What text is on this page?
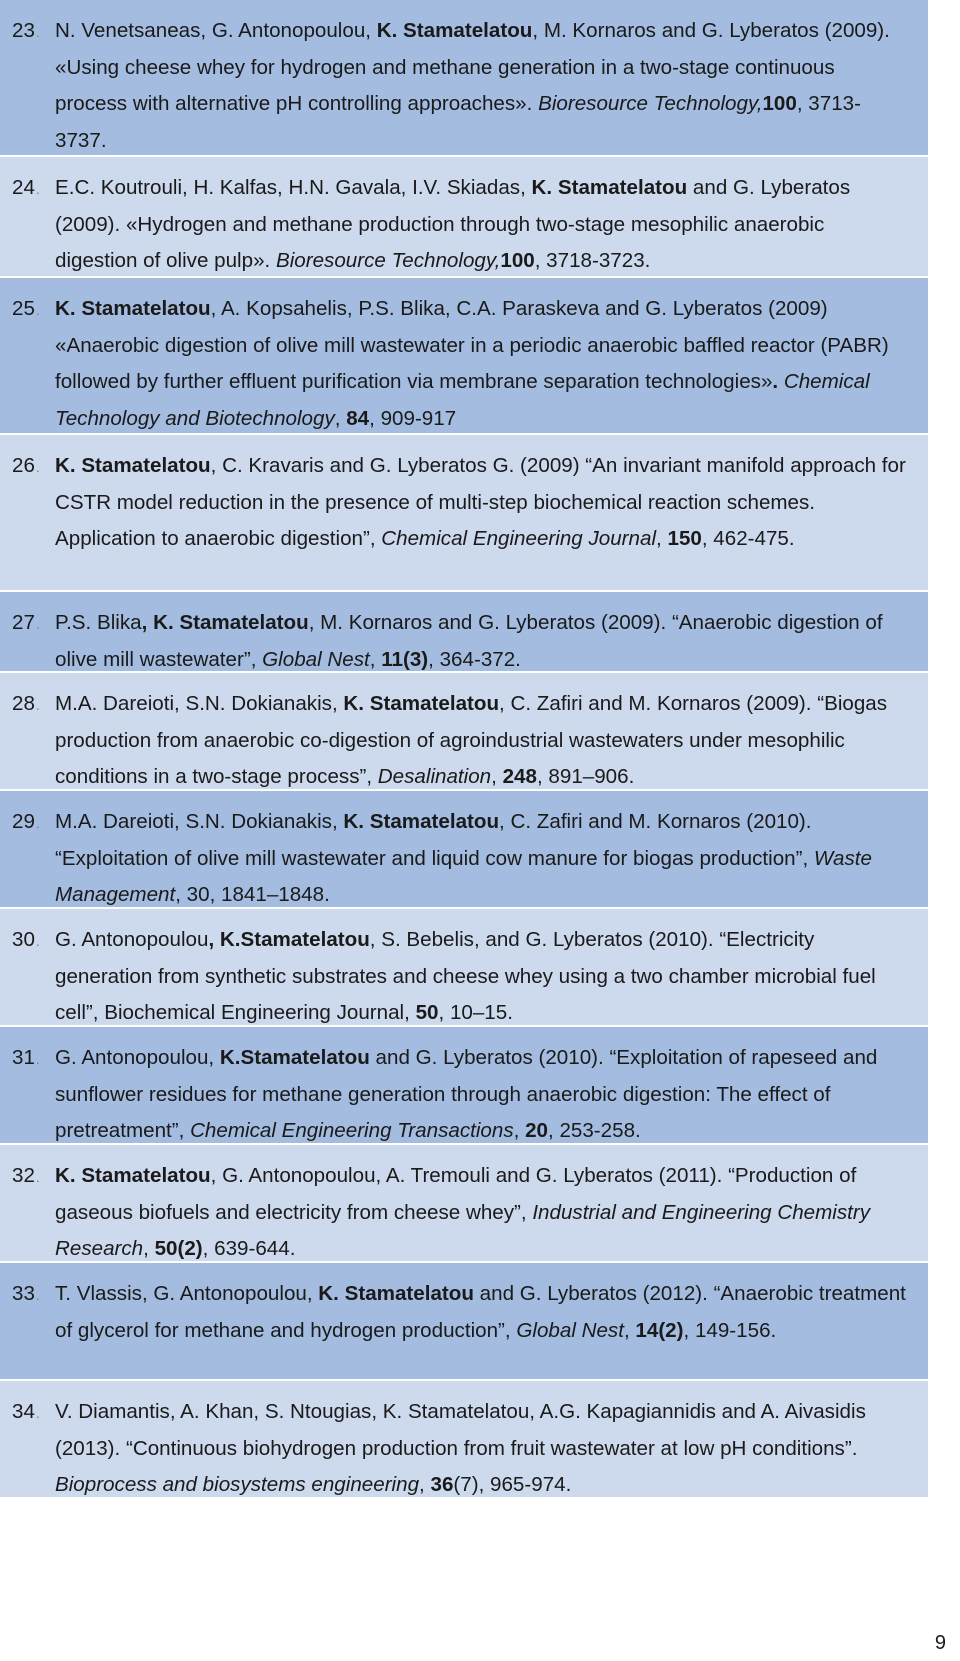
23. N. Venetsaneas, G. Antonopoulou, K. Stamatelatou, M. Kornaros and G. Lyberatos (2009). «Using cheese whey for hydrogen and methane generation in a two-stage continuous process with alternative pH controlling approaches». Bioresource Technology,100, 3713-3737.
24. E.C. Koutrouli, H. Kalfas, H.N. Gavala, I.V. Skiadas, K. Stamatelatou and G. Lyberatos (2009). «Hydrogen and methane production through two-stage mesophilic anaerobic digestion of olive pulp». Bioresource Technology,100, 3718-3723.
25. K. Stamatelatou, A. Kopsahelis, P.S. Blika, C.A. Paraskeva and G. Lyberatos (2009) «Anaerobic digestion of olive mill wastewater in a periodic anaerobic baffled reactor (PABR) followed by further effluent purification via membrane separation technologies». Chemical Technology and Biotechnology, 84, 909-917
26. K. Stamatelatou, C. Kravaris and G. Lyberatos G. (2009) “An invariant manifold approach for CSTR model reduction in the presence of multi-step biochemical reaction schemes. Application to anaerobic digestion”, Chemical Engineering Journal, 150, 462-475.
27. P.S. Blika, K. Stamatelatou, M. Kornaros and G. Lyberatos (2009). “Anaerobic digestion of olive mill wastewater”, Global Nest, 11(3), 364-372.
28. M.A. Dareioti, S.N. Dokianakis, K. Stamatelatou, C. Zafiri and M. Kornaros (2009). “Biogas production from anaerobic co-digestion of agroindustrial wastewaters under mesophilic conditions in a two-stage process”, Desalination, 248, 891–906.
29. M.A. Dareioti, S.N. Dokianakis, K. Stamatelatou, C. Zafiri and M. Kornaros (2010). “Exploitation of olive mill wastewater and liquid cow manure for biogas production”, Waste Management, 30, 1841–1848.
30. G. Antonopoulou, K.Stamatelatou, S. Bebelis, and G. Lyberatos (2010). “Electricity generation from synthetic substrates and cheese whey using a two chamber microbial fuel cell”, Biochemical Engineering Journal, 50, 10–15.
31. G. Antonopoulou, K.Stamatelatou and G. Lyberatos (2010). “Exploitation of rapeseed and sunflower residues for methane generation through anaerobic digestion: The effect of pretreatment”, Chemical Engineering Transactions, 20, 253-258.
32. K. Stamatelatou, G. Antonopoulou, A. Tremouli and G. Lyberatos (2011). “Production of gaseous biofuels and electricity from cheese whey”, Industrial and Engineering Chemistry Research, 50(2), 639-644.
33. T. Vlassis, G. Antonopoulou, K. Stamatelatou and G. Lyberatos (2012). “Anaerobic treatment of glycerol for methane and hydrogen production”, Global Nest, 14(2), 149-156.
34. V. Diamantis, A. Khan, S. Ntougias, K. Stamatelatou, A.G. Kapagiannidis and A. Aivasidis (2013). “Continuous biohydrogen production from fruit wastewater at low pH conditions”. Bioprocess and biosystems engineering, 36(7), 965-974.
9
